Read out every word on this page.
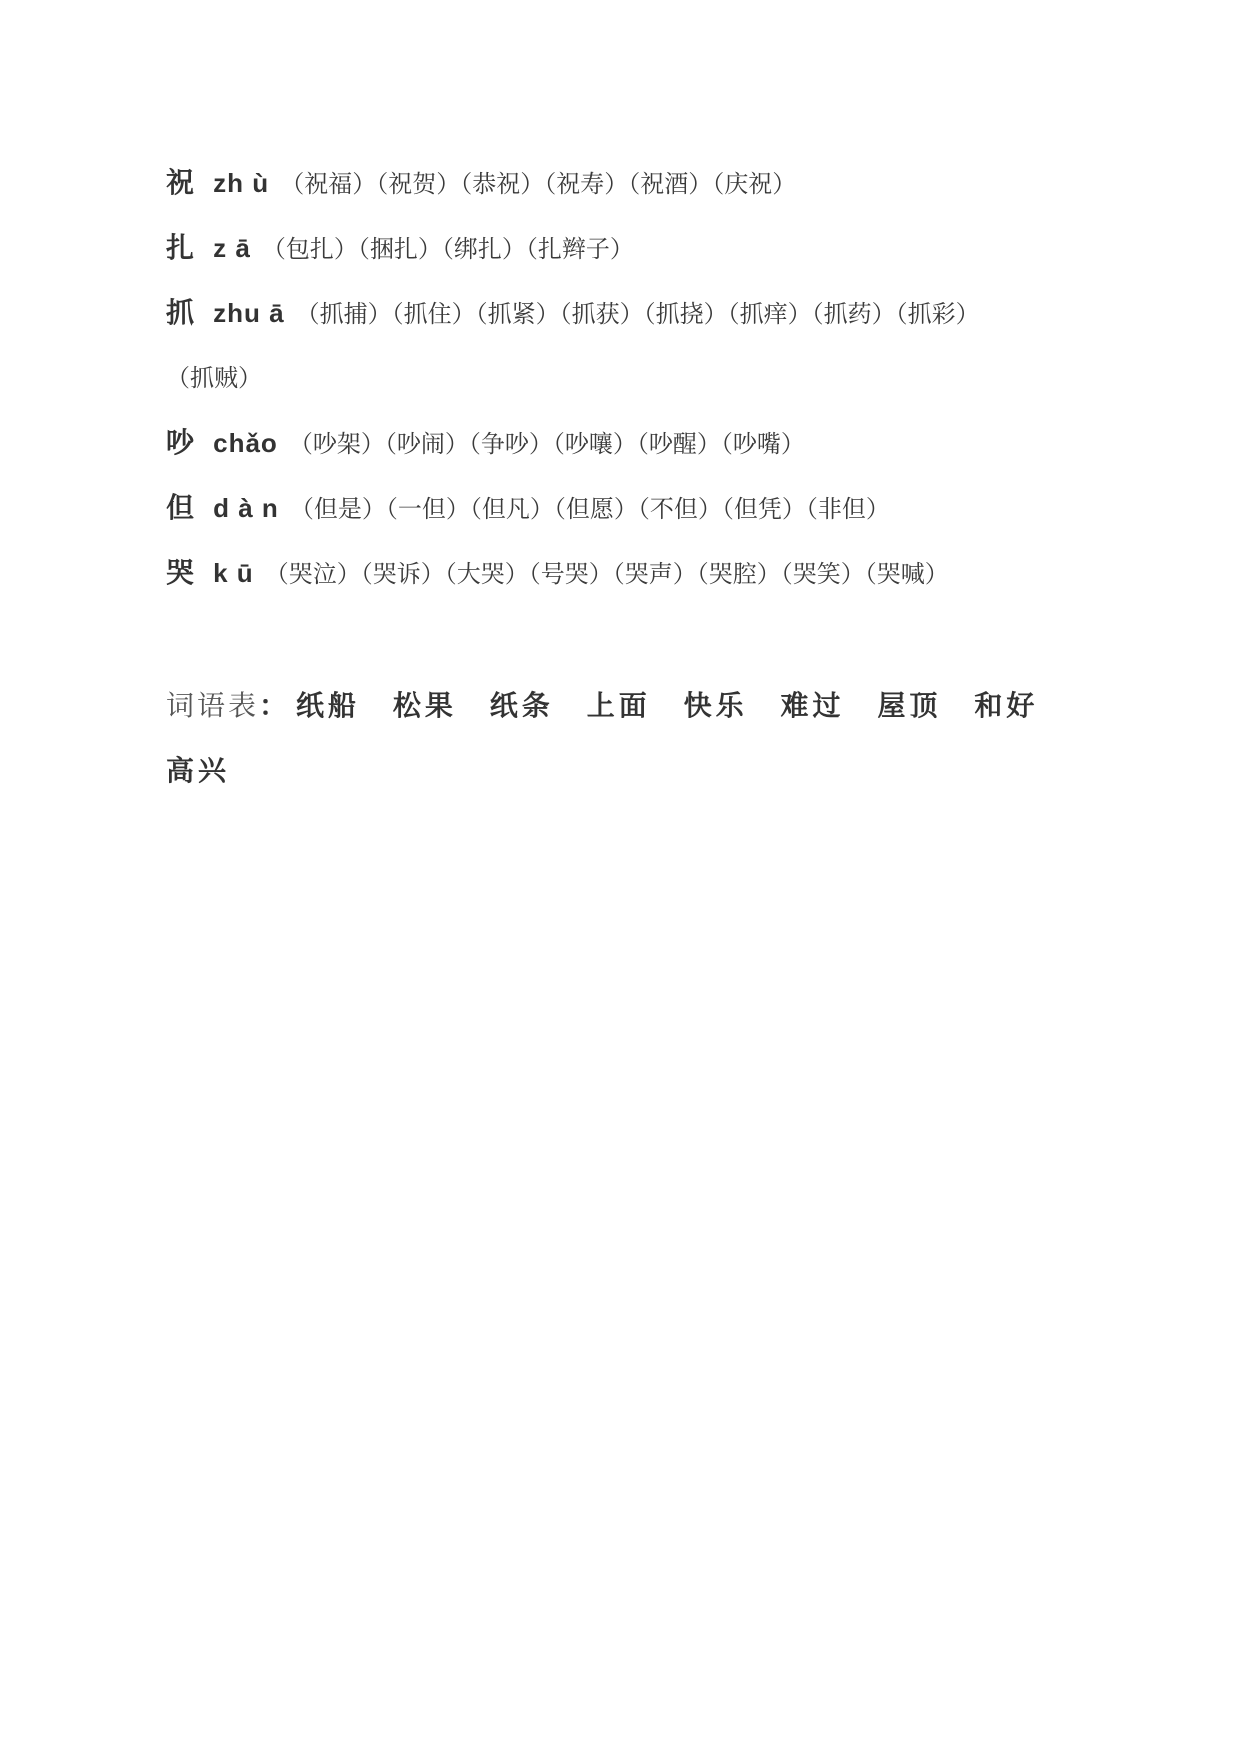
祝 zh ù （祝福）（祝贺）（恭祝）（祝寿）（祝酒）（庆祝）
扎 z ā （包扎）（捆扎）（绑扎）（扎辫子）
抓 zhu ā （抓捕）（抓住）（抓紧）（抓获）（抓挠）（抓痒）（抓药）（抓彩）
（抓贼）
吵 chǎo （吵架）（吵闹）（争吵）（吵嚷）（吵醒）（吵嘴）
但 d à n （但是）（一但）（但凡）（但愿）（不但）（但凭）（非但）
哭 k ū （哭泣）（哭诉）（大哭）（号哭）（哭声）（哭腔）（哭笑）（哭喊）
词语表： 纸船 松果 纸条 上面 快乐 难过 屋顶 和好 高兴
